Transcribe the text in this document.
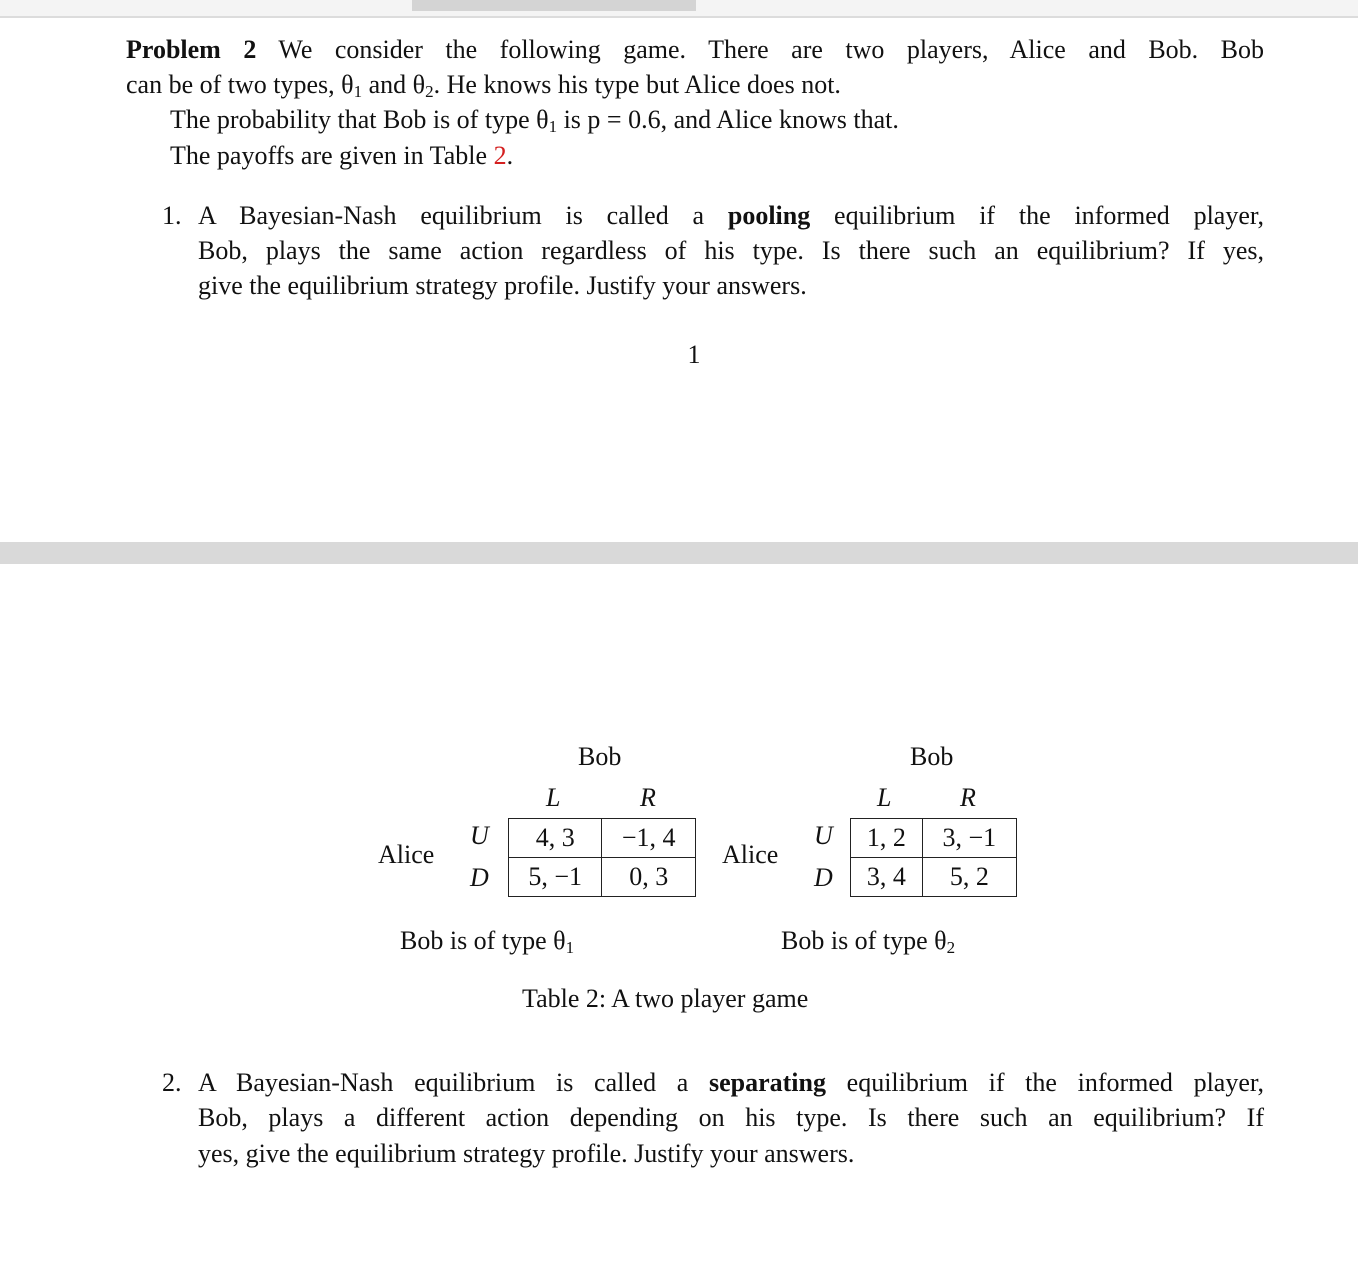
Problem 2 We consider the following game. There are two players, Alice and Bob. Bob
can be of two types, $\theta_1$ and $\theta_2$. He knows his type but Alice does not.
The probability that Bob is of type $\theta_1$ is p = 0.6, and Alice knows that.
The payoffs are given in Table 2.
1. A Bayesian-Nash equilibrium is called a pooling equilibrium if the informed player,
Bob, plays the same action regardless of his type. Is there such an equilibrium? If yes,
give the equilibrium strategy profile. Justify your answers.
1
Bob
L	R
Alice
U
D
4, 3	−1, 4
5, −1	0, 3
Bob is of type $\theta_1$
Bob
L	R
Alice
U
D
1, 2	3, −1
3, 4	5, 2
Bob is of type $\theta_2$
Table 2: A two player game
2. A Bayesian-Nash equilibrium is called a separating equilibrium if the informed player,
Bob, plays a different action depending on his type. Is there such an equilibrium? If
yes, give the equilibrium strategy profile. Justify your answers.
